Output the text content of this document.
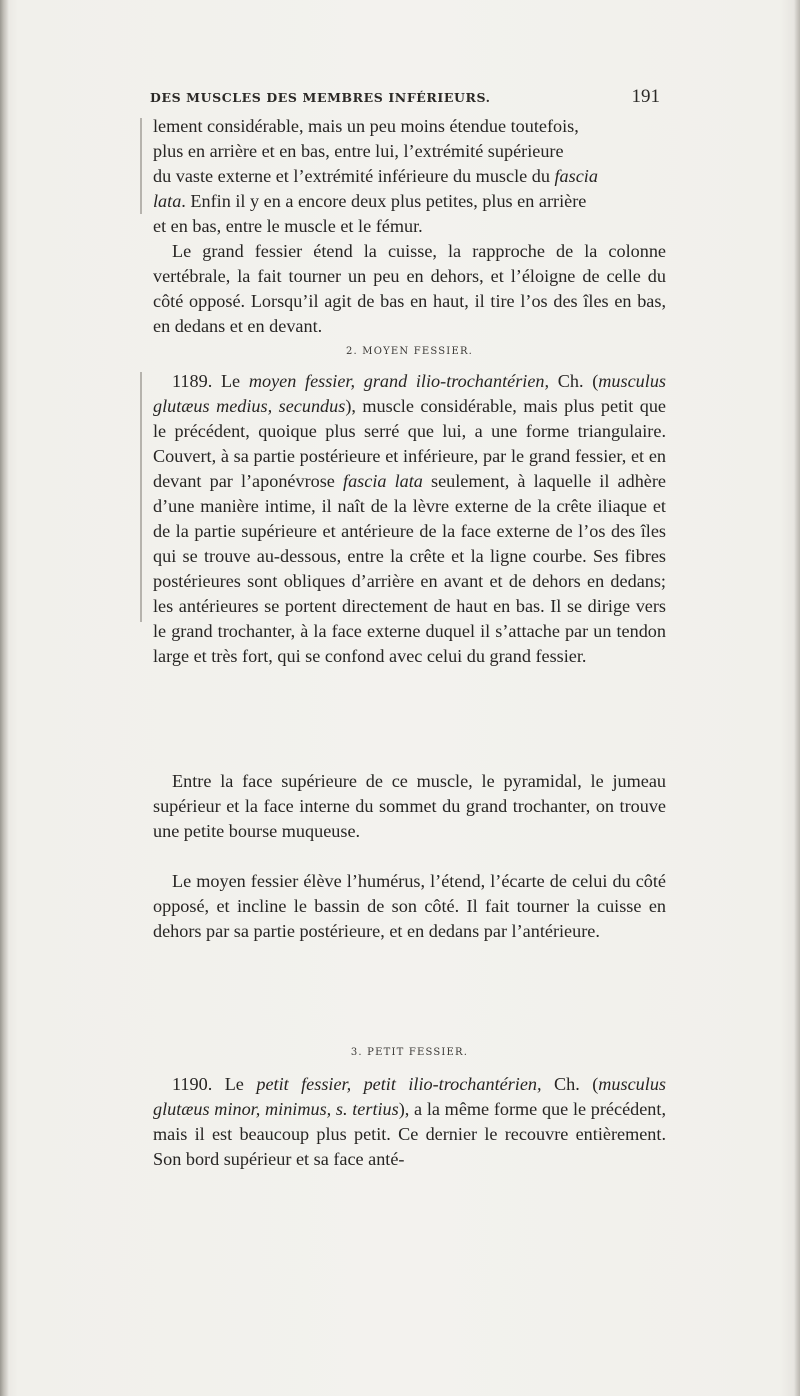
DES MUSCLES DES MEMBRES INFÉRIEURS.	191

lement considérable, mais un peu moins étendue toutefois,
plus en arrière et en bas, entre lui, l’extrémité supérieure
du vaste externe et l’extrémité inférieure du muscle du fascia
lata. Enfin il y en a encore deux plus petites, plus en arrière
et en bas, entre le muscle et le fémur.

Le grand fessier étend la cuisse, la rapproche de la colonne vertébrale, la fait tourner un peu en dehors, et l’éloigne de celle du côté opposé. Lorsqu’il agit de bas en haut, il tire l’os des îles en bas, en dedans et en devant.

2. MOYEN FESSIER.

1189. Le moyen fessier, grand ilio-trochantérien, Ch. (musculus glutæus medius, secundus), muscle considérable, mais plus petit que le précédent, quoique plus serré que lui, a une forme triangulaire. Couvert, à sa partie postérieure et inférieure, par le grand fessier, et en devant par l’aponévrose fascia lata seulement, à laquelle il adhère d’une manière intime, il naît de la lèvre externe de la crête iliaque et de la partie supérieure et antérieure de la face externe de l’os des îles qui se trouve au-dessous, entre la crête et la ligne courbe. Ses fibres postérieures sont obliques d’arrière en avant et de dehors en dedans; les antérieures se portent directement de haut en bas. Il se dirige vers le grand trochanter, à la face externe duquel il s’attache par un tendon large et très fort, qui se confond avec celui du grand fessier.

Entre la face supérieure de ce muscle, le pyramidal, le jumeau supérieur et la face interne du sommet du grand trochanter, on trouve une petite bourse muqueuse.

Le moyen fessier élève l’humérus, l’étend, l’écarte de celui du côté opposé, et incline le bassin de son côté. Il fait tourner la cuisse en dehors par sa partie postérieure, et en dedans par l’antérieure.

3. PETIT FESSIER.

1190. Le petit fessier, petit ilio-trochantérien, Ch. (musculus glutæus minor, minimus, s. tertius), a la même forme que le précédent, mais il est beaucoup plus petit. Ce dernier le recouvre entièrement. Son bord supérieur et sa face anté-
